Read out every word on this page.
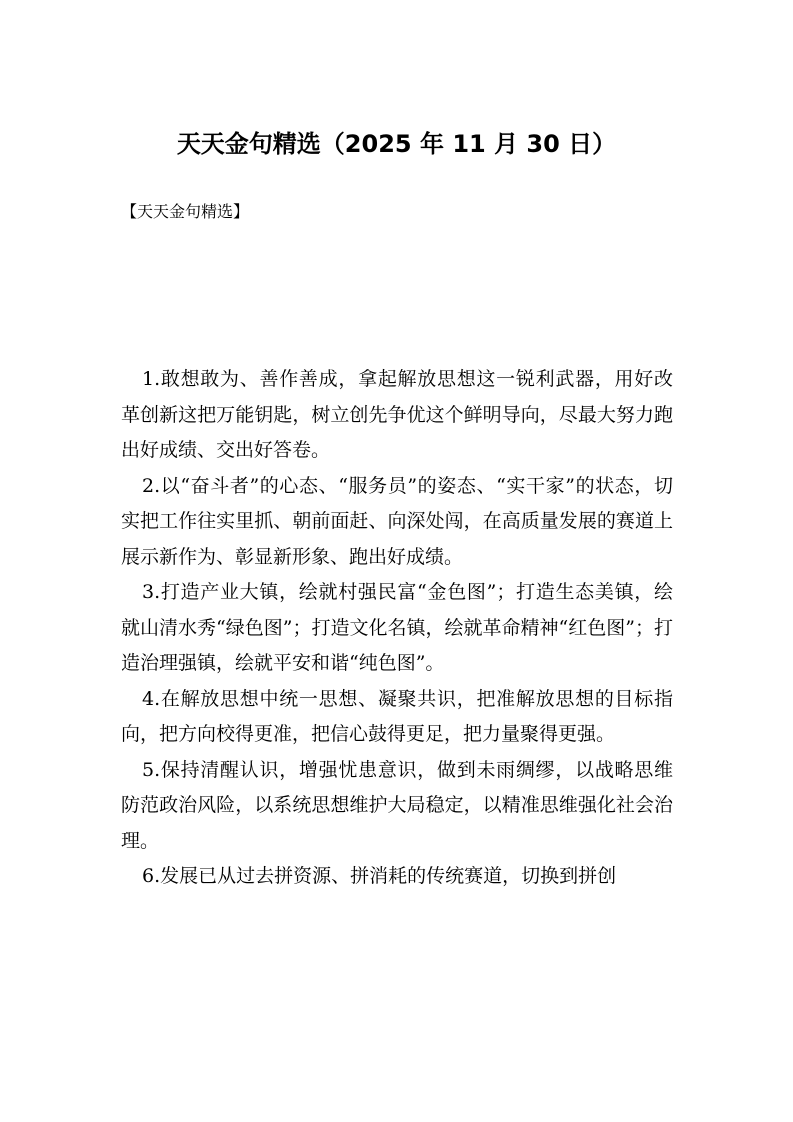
天天金句精选（2025 年 11 月 30 日）

【天天金句精选】

1.敢想敢为、善作善成，拿起解放思想这一锐利武器，用好改革创新这把万能钥匙，树立创先争优这个鲜明导向，尽最大努力跑出好成绩、交出好答卷。

2.以“奋斗者”的心态、“服务员”的姿态、“实干家”的状态，切实把工作往实里抓、朝前面赶、向深处闯，在高质量发展的赛道上展示新作为、彰显新形象、跑出好成绩。

3.打造产业大镇，绘就村强民富“金色图”；打造生态美镇，绘就山清水秀“绿色图”；打造文化名镇，绘就革命精神“红色图”；打造治理强镇，绘就平安和谐“纯色图”。

4.在解放思想中统一思想、凝聚共识，把准解放思想的目标指向，把方向校得更准，把信心鼓得更足，把力量聚得更强。

5.保持清醒认识，增强忧患意识，做到未雨绸缪，以战略思维防范政治风险，以系统思想维护大局稳定，以精准思维强化社会治理。

6.发展已从过去拼资源、拼消耗的传统赛道，切换到拼创
